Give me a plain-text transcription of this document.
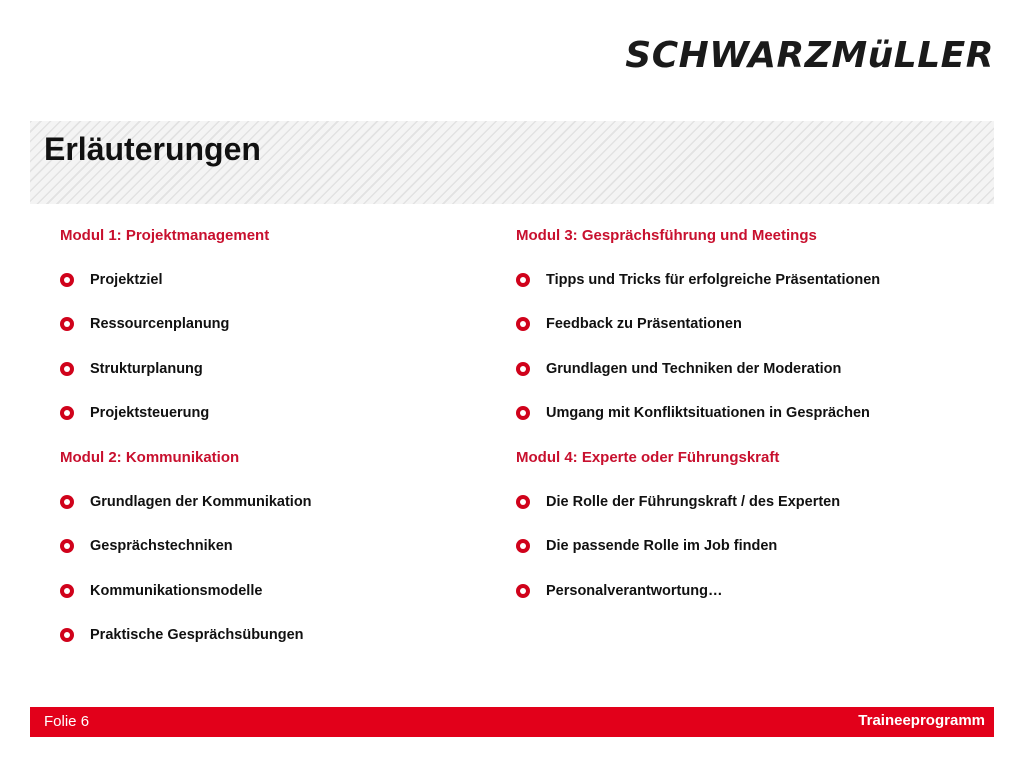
SCHWARZMüLLER
Erläuterungen
Modul 1: Projektmanagement
Projektziel
Ressourcenplanung
Strukturplanung
Projektsteuerung
Modul 2: Kommunikation
Grundlagen der Kommunikation
Gesprächstechniken
Kommunikationsmodelle
Praktische Gesprächsübungen
Modul 3: Gesprächsführung und Meetings
Tipps und Tricks für erfolgreiche Präsentationen
Feedback zu Präsentationen
Grundlagen und Techniken der Moderation
Umgang mit Konfliktsituationen in Gesprächen
Modul 4: Experte oder Führungskraft
Die Rolle der Führungskraft / des Experten
Die passende Rolle im Job finden
Personalverantwortung…
Folie 6	Traineeprogramm
